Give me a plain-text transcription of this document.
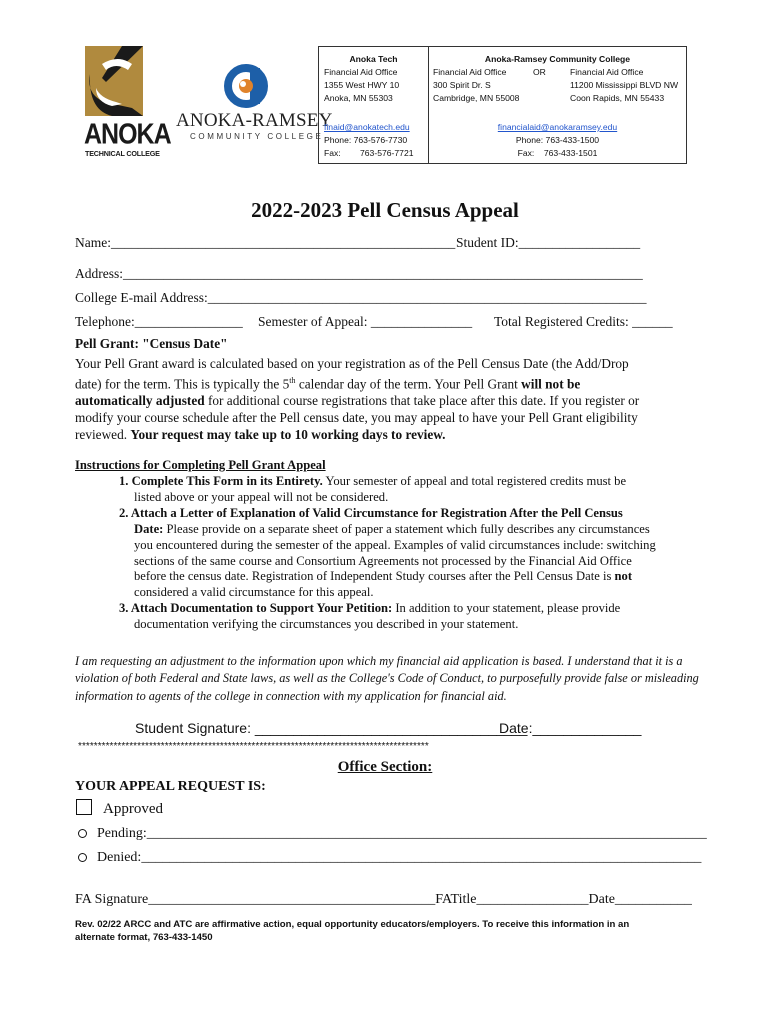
ANOKA
TECHNICAL COLLEGE
ANOKA-RAMSEY
COMMUNITY COLLEGE
Anoka Tech
Financial Aid Office
1355 West HWY 10
Anoka, MN 55303
finaid@anokatech.edu
Phone: 763-576-7730
Fax: 763-576-7721
Anoka-Ramsey Community College
Financial Aid Office	OR	Financial Aid Office
300 Spirit Dr. S	11200 Mississippi BLVD NW
Cambridge, MN 55008	Coon Rapids, MN 55433
financialaid@anokaramsey.edu
Phone: 763-433-1500
Fax:    763-433-1501
2022-2023 Pell Census Appeal
Name:___________________________________________________ Student ID:__________________
Address:_____________________________________________________________________________
College E-mail Address:_________________________________________________________________
Telephone:________________ Semester of Appeal: _______________ Total Registered Credits: ______
Pell Grant: "Census Date"
Your Pell Grant award is calculated based on your registration as of the Pell Census Date (the Add/Drop
date) for the term. This is typically the 5th calendar day of the term. Your Pell Grant will not be
automatically adjusted for additional course registrations that take place after this date. If you register or
modify your course schedule after the Pell census date, you may appeal to have your Pell Grant eligibility
reviewed. Your request may take up to 10 working days to review.
Instructions for Completing Pell Grant Appeal
1. Complete This Form in its Entirety. Your semester of appeal and total registered credits must be
listed above or your appeal will not be considered.
2. Attach a Letter of Explanation of Valid Circumstance for Registration After the Pell Census
Date: Please provide on a separate sheet of paper a statement which fully describes any circumstances
you encountered during the semester of the appeal. Examples of valid circumstances include: switching
sections of the same course and Consortium Agreements not processed by the Financial Aid Office
before the census date. Registration of Independent Study courses after the Pell Census Date is not
considered a valid circumstance for this appeal.
3. Attach Documentation to Support Your Petition: In addition to your statement, please provide
documentation verifying the circumstances you described in your statement.
I am requesting an adjustment to the information upon which my financial aid application is based. I understand that it is a
violation of both Federal and State laws, as well as the College's Code of Conduct, to purposefully provide false or misleading
information to agents of the college in connection with my application for financial aid.
Student Signature: ___________________________________
Date:______________
*****************************************************************************************
Office Section:
YOUR APPEAL REQUEST IS:
Approved
Pending:________________________________________________________________________________
Denied:________________________________________________________________________________
FA Signature_________________________________________FATitle________________Date___________
Rev. 02/22 ARCC and ATC are affirmative action, equal opportunity educators/employers. To receive this information in an
alternate format, 763-433-1450
